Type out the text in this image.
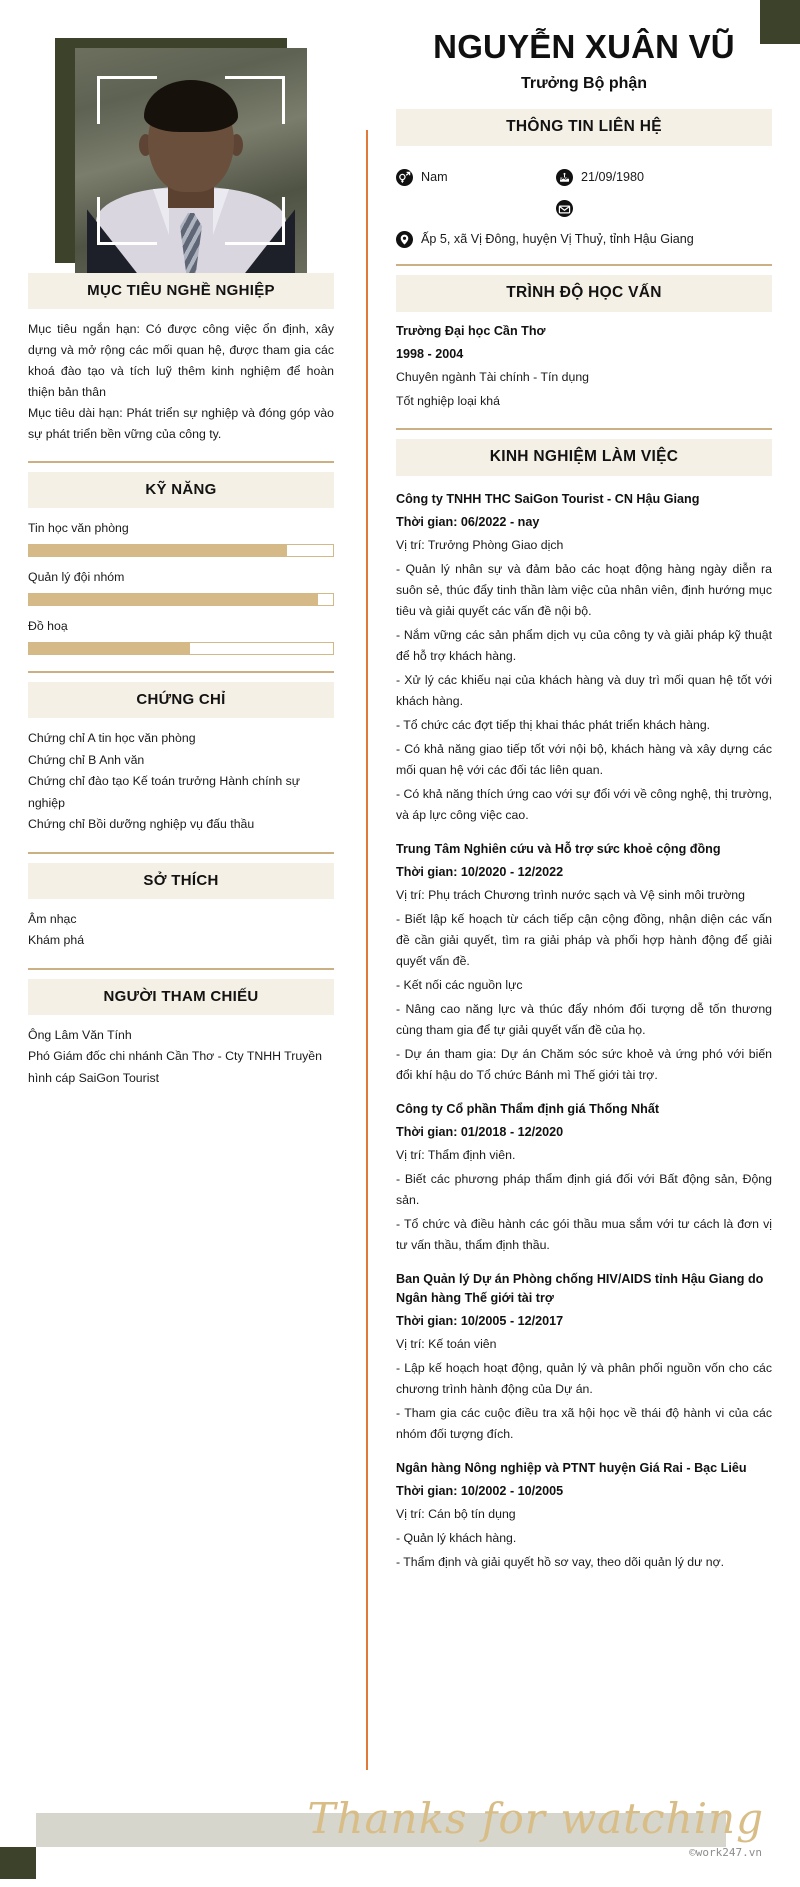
MỤC TIÊU NGHỀ NGHIỆP

Mục tiêu ngắn hạn: Có được công việc ổn định, xây dựng và mở rộng các mối quan hệ, được tham gia các khoá đào tạo và tích luỹ thêm kinh nghiệm để hoàn thiện bản thân

Mục tiêu dài hạn: Phát triển sự nghiệp và đóng góp vào sự phát triển bền vững của công ty.

KỸ NĂNG
Tin học văn phòng
Quản lý đội nhóm
Đồ hoạ
CHỨNG CHỈ
Chứng chỉ A tin học văn phòng
Chứng chỉ B Anh văn
Chứng chỉ đào tạo Kế toán trưởng Hành chính sự nghiệp
Chứng chỉ Bồi dưỡng nghiệp vụ đấu thầu
SỞ THÍCH
Âm nhạc
Khám phá
NGƯỜI THAM CHIẾU
Ông Lâm Văn Tính
Phó Giám đốc chi nhánh Cần Thơ - Cty TNHH Truyền hình cáp SaiGon Tourist
NGUYỄN XUÂN VŨ
Trưởng Bộ phận
THÔNG TIN LIÊN HỆ
Nam	21/09/1980
Ấp 5, xã Vị Đông, huyện Vị Thuỷ, tỉnh Hậu Giang
TRÌNH ĐỘ HỌC VẤN
Trường Đại học Cần Thơ
1998 - 2004
Chuyên ngành Tài chính - Tín dụng
Tốt nghiệp loại khá
KINH NGHIỆM LÀM VIỆC
Công ty TNHH THC SaiGon Tourist - CN Hậu Giang
Thời gian: 06/2022 - nay
Vị trí: Trưởng Phòng Giao dịch
- Quản lý nhân sự và đảm bảo các hoạt động hàng ngày diễn ra suôn sẻ, thúc đẩy tinh thần làm việc của nhân viên, định hướng mục tiêu và giải quyết các vấn đề nội bộ.
- Nắm vững các sản phẩm dịch vụ của công ty và giải pháp kỹ thuật để hỗ trợ khách hàng.
- Xử lý các khiếu nại của khách hàng và duy trì mối quan hệ tốt với khách hàng.
- Tổ chức các đợt tiếp thị khai thác phát triển khách hàng.
- Có khả năng giao tiếp tốt với nội bộ, khách hàng và xây dựng các mối quan hệ với các đối tác liên quan.
- Có khả năng thích ứng cao với sự đổi với về công nghệ, thị trường, và áp lực công việc cao.
Trung Tâm Nghiên cứu và Hỗ trợ sức khoẻ cộng đồng
Thời gian: 10/2020 - 12/2022
Vị trí: Phụ trách Chương trình nước sạch và Vệ sinh môi trường
- Biết lập kế hoạch từ cách tiếp cận cộng đồng, nhận diện các vấn đề cần giải quyết, tìm ra giải pháp và phối hợp hành động để giải quyết vấn đề.
- Kết nối các nguồn lực
- Nâng cao năng lực và thúc đẩy nhóm đối tượng dễ tốn thương cùng tham gia để tự giải quyết vấn đề của họ.
- Dự án tham gia: Dự án Chăm sóc sức khoẻ và ứng phó với biến đổi khí hậu do Tổ chức Bánh mì Thế giới tài trợ.
Công ty Cổ phần Thẩm định giá Thống Nhất
Thời gian: 01/2018 - 12/2020
Vị trí: Thẩm định viên.
- Biết các phương pháp thẩm định giá đối với Bất động sản, Động sản.
- Tổ chức và điều hành các gói thầu mua sắm với tư cách là đơn vị tư vấn thầu, thẩm định thầu.
Ban Quản lý Dự án Phòng chống HIV/AIDS tỉnh Hậu Giang do Ngân hàng Thế giới tài trợ
Thời gian: 10/2005 - 12/2017
Vị trí: Kế toán viên
- Lập kế hoạch hoạt động, quản lý và phân phối nguồn vốn cho các chương trình hành động của Dự án.
- Tham gia các cuộc điều tra xã hội học về thái độ hành vi của các nhóm đối tượng đích.
Ngân hàng Nông nghiệp và PTNT huyện Giá Rai - Bạc Liêu
Thời gian: 10/2002 - 10/2005
Vị trí: Cán bộ tín dụng
- Quản lý khách hàng.
- Thẩm định và giải quyết hồ sơ vay, theo dõi quản lý dư nợ.
Thanks for watching
©work247.vn
